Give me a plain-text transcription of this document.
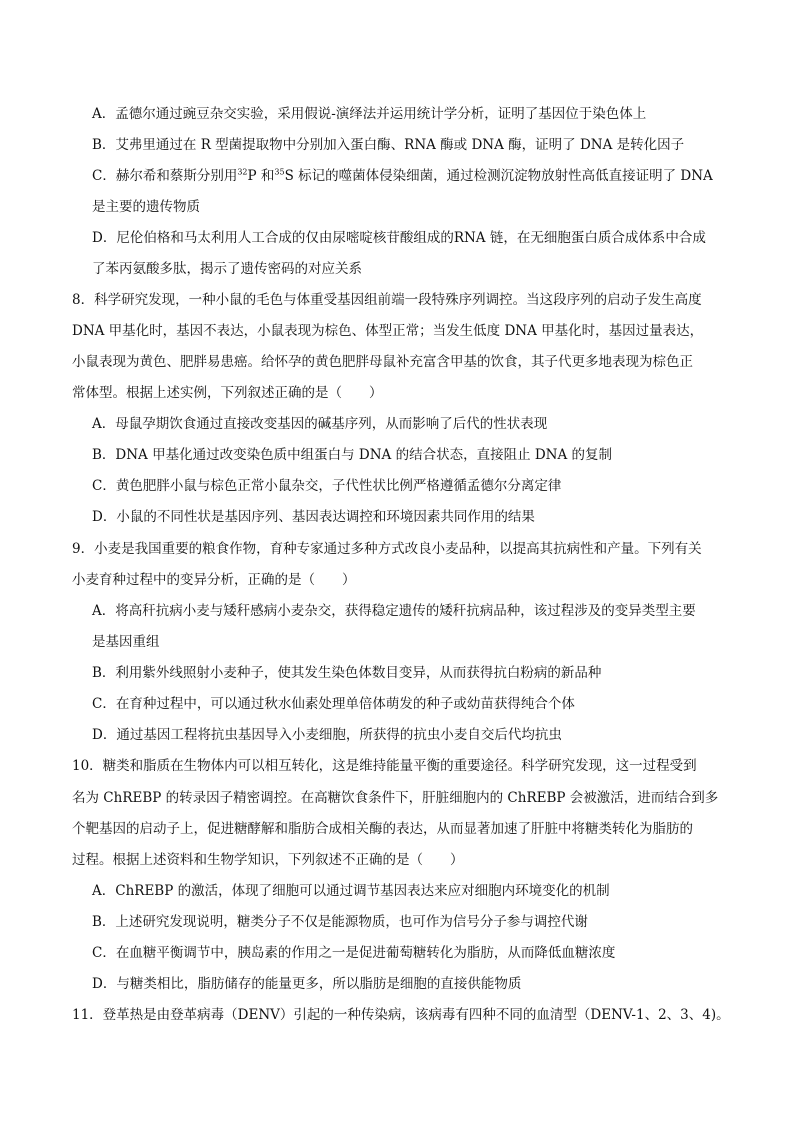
A．孟德尔通过豌豆杂交实验，采用假说-演绎法并运用统计学分析，证明了基因位于染色体上
B．艾弗里通过在 R 型菌提取物中分别加入蛋白酶、RNA 酶或 DNA 酶，证明了 DNA 是转化因子
C．赫尔希和蔡斯分别用$^{32}$P 和$^{35}$S 标记的噬菌体侵染细菌，通过检测沉淀物放射性高低直接证明了 DNA
是主要的遗传物质
D．尼伦伯格和马太利用人工合成的仅由尿嘧啶核苷酸组成的RNA 链，在无细胞蛋白质合成体系中合成
了苯丙氨酸多肽，揭示了遗传密码的对应关系
8．科学研究发现，一种小鼠的毛色与体重受基因组前端一段特殊序列调控。当这段序列的启动子发生高度
DNA 甲基化时，基因不表达，小鼠表现为棕色、体型正常；当发生低度 DNA 甲基化时，基因过量表达，
小鼠表现为黄色、肥胖易患癌。给怀孕的黄色肥胖母鼠补充富含甲基的饮食，其子代更多地表现为棕色正
常体型。根据上述实例，下列叙述正确的是（　　）
A．母鼠孕期饮食通过直接改变基因的碱基序列，从而影响了后代的性状表现
B．DNA 甲基化通过改变染色质中组蛋白与 DNA 的结合状态，直接阻止 DNA 的复制
C．黄色肥胖小鼠与棕色正常小鼠杂交，子代性状比例严格遵循孟德尔分离定律
D．小鼠的不同性状是基因序列、基因表达调控和环境因素共同作用的结果
9．小麦是我国重要的粮食作物，育种专家通过多种方式改良小麦品种，以提高其抗病性和产量。下列有关
小麦育种过程中的变异分析，正确的是（　　）
A．将高秆抗病小麦与矮秆感病小麦杂交，获得稳定遗传的矮秆抗病品种，该过程涉及的变异类型主要
是基因重组
B．利用紫外线照射小麦种子，使其发生染色体数目变异，从而获得抗白粉病的新品种
C．在育种过程中，可以通过秋水仙素处理单倍体萌发的种子或幼苗获得纯合个体
D．通过基因工程将抗虫基因导入小麦细胞，所获得的抗虫小麦自交后代均抗虫
10．糖类和脂质在生物体内可以相互转化，这是维持能量平衡的重要途径。科学研究发现，这一过程受到
名为 ChREBP 的转录因子精密调控。在高糖饮食条件下，肝脏细胞内的 ChREBP 会被激活，进而结合到多
个靶基因的启动子上，促进糖酵解和脂肪合成相关酶的表达，从而显著加速了肝脏中将糖类转化为脂肪的
过程。根据上述资料和生物学知识，下列叙述不正确的是（　　）
A．ChREBP 的激活，体现了细胞可以通过调节基因表达来应对细胞内环境变化的机制
B．上述研究发现说明，糖类分子不仅是能源物质，也可作为信号分子参与调控代谢
C．在血糖平衡调节中，胰岛素的作用之一是促进葡萄糖转化为脂肪，从而降低血糖浓度
D．与糖类相比，脂肪储存的能量更多，所以脂肪是细胞的直接供能物质
11．登革热是由登革病毒（DENV）引起的一种传染病，该病毒有四种不同的血清型（DENV-1、2、3、4)。
